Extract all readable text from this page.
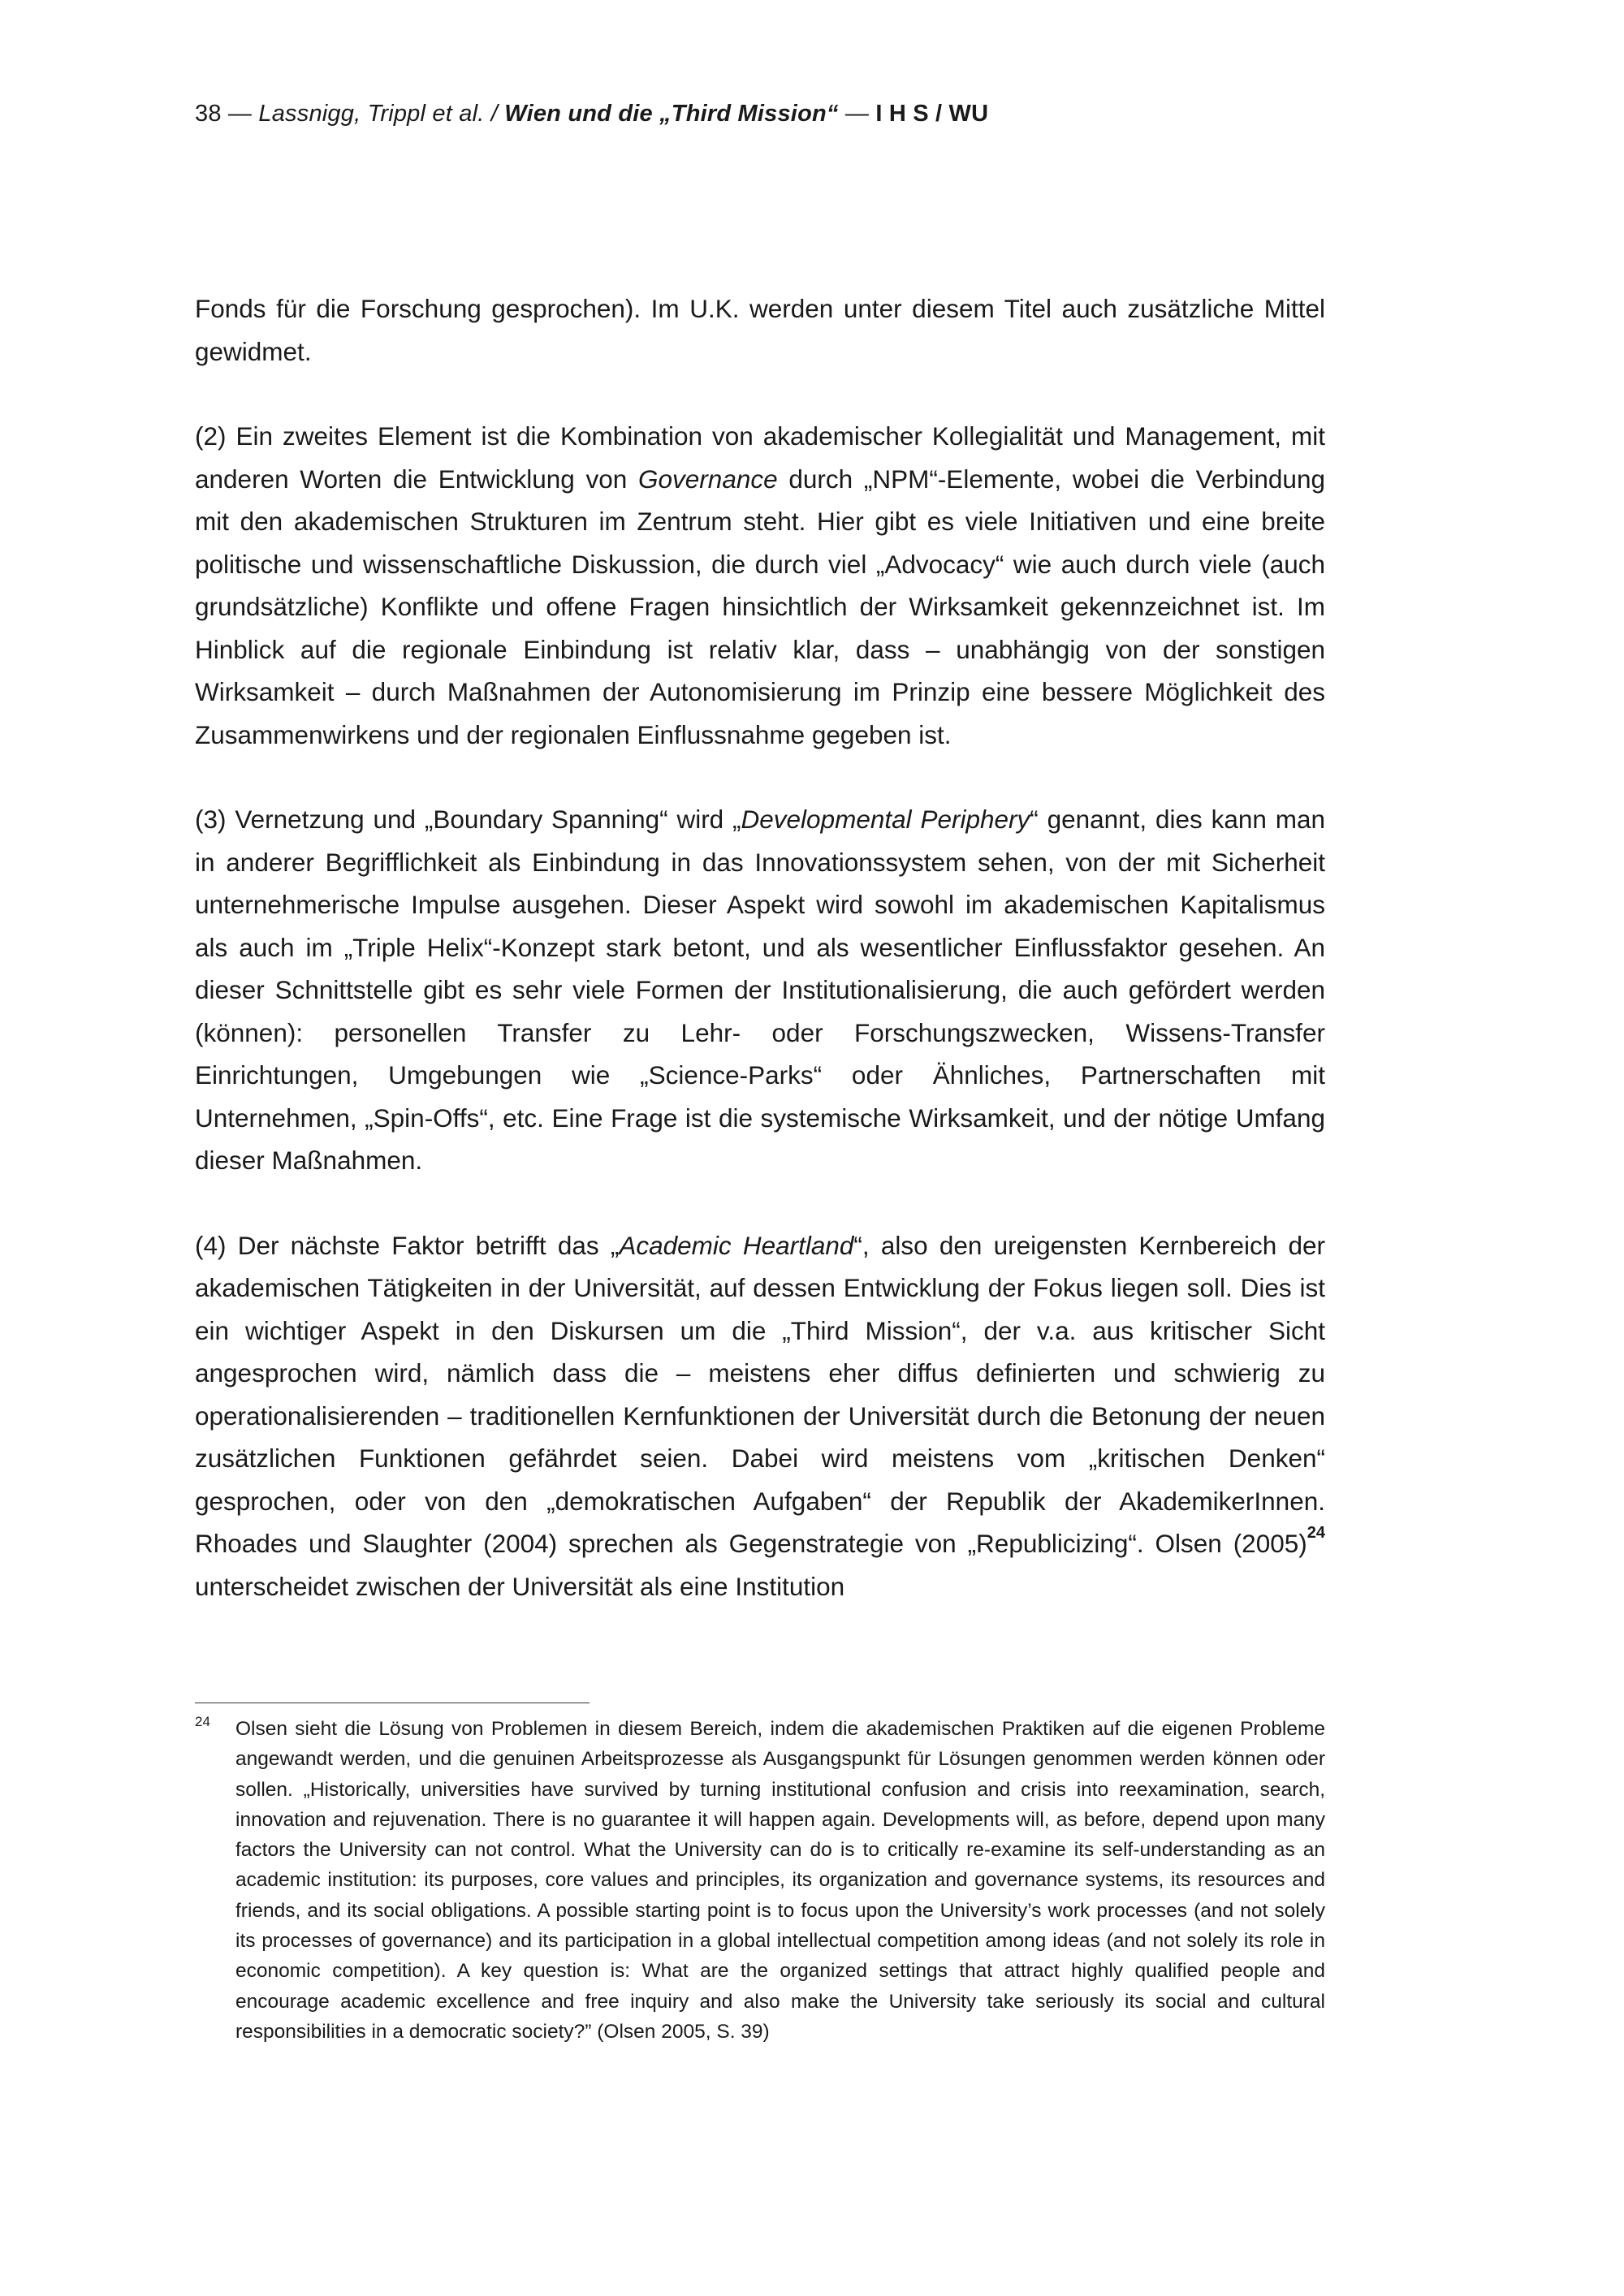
38 — Lassnigg, Trippl et al. / Wien und die „Third Mission“ — I H S / WU

Fonds für die Forschung gesprochen). Im U.K. werden unter diesem Titel auch zusätzliche Mittel gewidmet.

(2) Ein zweites Element ist die Kombination von akademischer Kollegialität und Management, mit anderen Worten die Entwicklung von Governance durch „NPM“-Elemente, wobei die Verbindung mit den akademischen Strukturen im Zentrum steht. Hier gibt es viele Initiativen und eine breite politische und wissenschaftliche Diskussion, die durch viel „Advocacy“ wie auch durch viele (auch grundsätzliche) Konflikte und offene Fragen hinsichtlich der Wirksamkeit gekennzeichnet ist. Im Hinblick auf die regionale Einbindung ist relativ klar, dass – unabhängig von der sonstigen Wirksamkeit – durch Maßnahmen der Autonomisierung im Prinzip eine bessere Möglichkeit des Zusammenwirkens und der regionalen Einflussnahme gegeben ist.

(3) Vernetzung und „Boundary Spanning“ wird „Developmental Periphery“ genannt, dies kann man in anderer Begrifflichkeit als Einbindung in das Innovationssystem sehen, von der mit Sicherheit unternehmerische Impulse ausgehen. Dieser Aspekt wird sowohl im akademischen Kapitalismus als auch im „Triple Helix“-Konzept stark betont, und als wesentlicher Einflussfaktor gesehen. An dieser Schnittstelle gibt es sehr viele Formen der Institutionalisierung, die auch gefördert werden (können): personellen Transfer zu Lehr- oder Forschungszwecken, Wissens-Transfer Einrichtungen, Umgebungen wie „Science-Parks“ oder Ähnliches, Partnerschaften mit Unternehmen, „Spin-Offs“, etc. Eine Frage ist die systemische Wirksamkeit, und der nötige Umfang dieser Maßnahmen.

(4) Der nächste Faktor betrifft das „Academic Heartland“, also den ureigensten Kernbereich der akademischen Tätigkeiten in der Universität, auf dessen Entwicklung der Fokus liegen soll. Dies ist ein wichtiger Aspekt in den Diskursen um die „Third Mission“, der v.a. aus kritischer Sicht angesprochen wird, nämlich dass die – meistens eher diffus definierten und schwierig zu operationalisierenden – traditionellen Kernfunktionen der Universität durch die Betonung der neuen zusätzlichen Funktionen gefährdet seien. Dabei wird meistens vom „kritischen Denken“ gesprochen, oder von den „demokratischen Aufgaben“ der Republik der AkademikerInnen. Rhoades und Slaughter (2004) sprechen als Gegenstrategie von „Republicizing“. Olsen (2005)$^{24}$ unterscheidet zwischen der Universität als eine Institution

24 Olsen sieht die Lösung von Problemen in diesem Bereich, indem die akademischen Praktiken auf die eigenen Probleme angewandt werden, und die genuinen Arbeitsprozesse als Ausgangspunkt für Lösungen genommen werden können oder sollen. „Historically, universities have survived by turning institutional confusion and crisis into reexamination, search, innovation and rejuvenation. There is no guarantee it will happen again. Developments will, as before, depend upon many factors the University can not control. What the University can do is to critically re-examine its self-understanding as an academic institution: its purposes, core values and principles, its organization and governance systems, its resources and friends, and its social obligations. A possible starting point is to focus upon the University’s work processes (and not solely its processes of governance) and its participation in a global intellectual competition among ideas (and not solely its role in economic competition). A key question is: What are the organized settings that attract highly qualified people and encourage academic excellence and free inquiry and also make the University take seriously its social and cultural responsibilities in a democratic society?” (Olsen 2005, S. 39)
